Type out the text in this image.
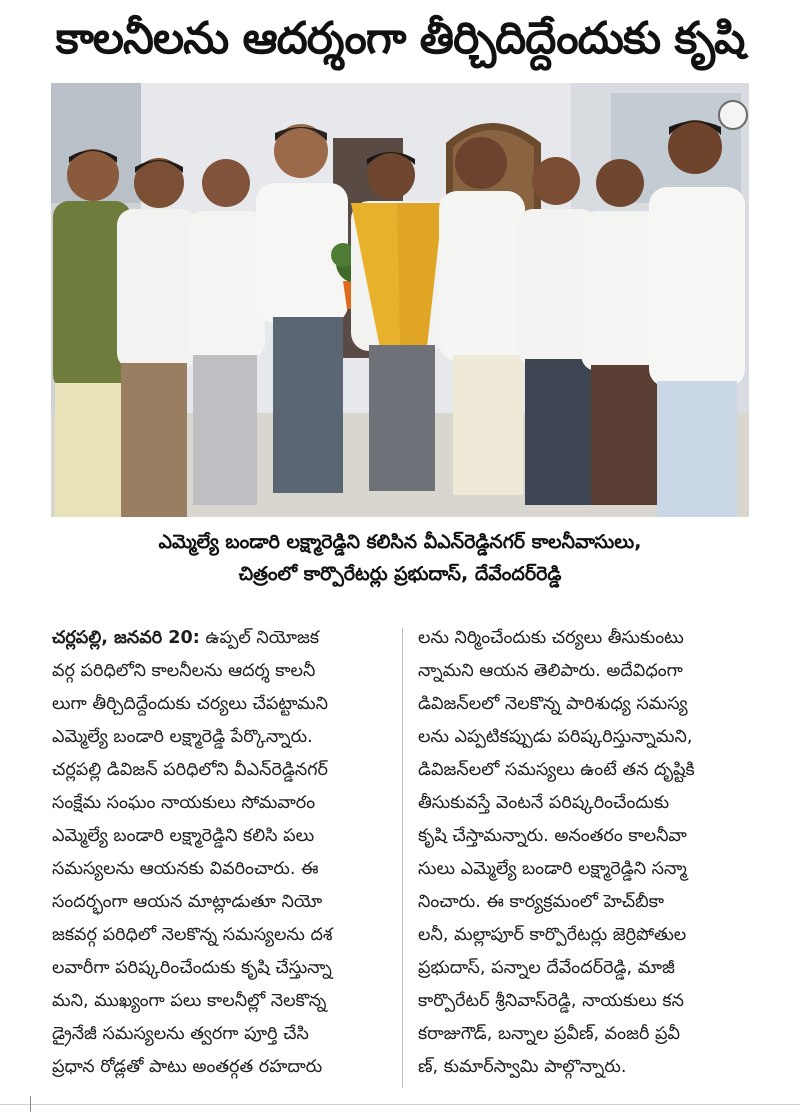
కాలనీలను ఆదర్శంగా తీర్చిదిద్దేందుకు కృషి
ఎమ్మెల్యే బండారి లక్ష్మారెడ్డిని కలిసిన వీఎన్‌రెడ్డినగర్ కాలనీవాసులు,
చిత్రంలో కార్పొరేటర్లు ప్రభుదాస్, దేవేందర్‌రెడ్డి

చర్లపల్లి, జనవరి 20: ఉప్పల్ నియోజక

వర్గ పరిధిలోని కాలనీలను ఆదర్శ కాలనీ

లుగా తీర్చిదిద్దేందుకు చర్యలు చేపట్టామని

ఎమ్మెల్యే బండారి లక్ష్మారెడ్డి పేర్కొన్నారు.

చర్లపల్లి డివిజన్ పరిధిలోని వీఎన్‌రెడ్డినగర్

సంక్షేమ సంఘం నాయకులు సోమవారం

ఎమ్మెల్యే బండారి లక్ష్మారెడ్డిని కలిసి పలు

సమస్యలను ఆయనకు వివరించారు. ఈ

సందర్భంగా ఆయన మాట్లాడుతూ నియో

జకవర్గ పరిధిలో నెలకొన్న సమస్యలను దశ

లవారీగా పరిష్కరించేందుకు కృషి చేస్తున్నా

మని, ముఖ్యంగా పలు కాలనీల్లో నెలకొన్న

డ్రైనేజీ సమస్యలను త్వరగా పూర్తి చేసి

ప్రధాన రోడ్లతో పాటు అంతర్గత రహదారు

లను నిర్మించేందుకు చర్యలు తీసుకుంటు

న్నామని ఆయన తెలిపారు. అదేవిధంగా

డివిజన్‌లలో నెలకొన్న పారిశుధ్య సమస్య

లను ఎప్పటికప్పుడు పరిష్కరిస్తున్నామని,

డివిజన్‌లలో సమస్యలు ఉంటే తన దృష్టికి

తీసుకువస్తే వెంటనే పరిష్కరించేందుకు

కృషి చేస్తామన్నారు. అనంతరం కాలనీవా

సులు ఎమ్మెల్యే బండారి లక్ష్మారెడ్డిని సన్మా

నించారు. ఈ కార్యక్రమంలో హెచ్‌బీకా

లనీ, మల్లాపూర్ కార్పొరేటర్లు జెర్రిపోతుల

ప్రభుదాస్, పన్నాల దేవేందర్‌రెడ్డి, మాజీ

కార్పొరేటర్ శ్రీనివాస్‌రెడ్డి, నాయకులు కన

కరాజుగౌడ్, బన్నాల ప్రవీణ్, వంజరీ ప్రవీ

ణ్, కుమార్‌స్వామి పాల్గొన్నారు.
